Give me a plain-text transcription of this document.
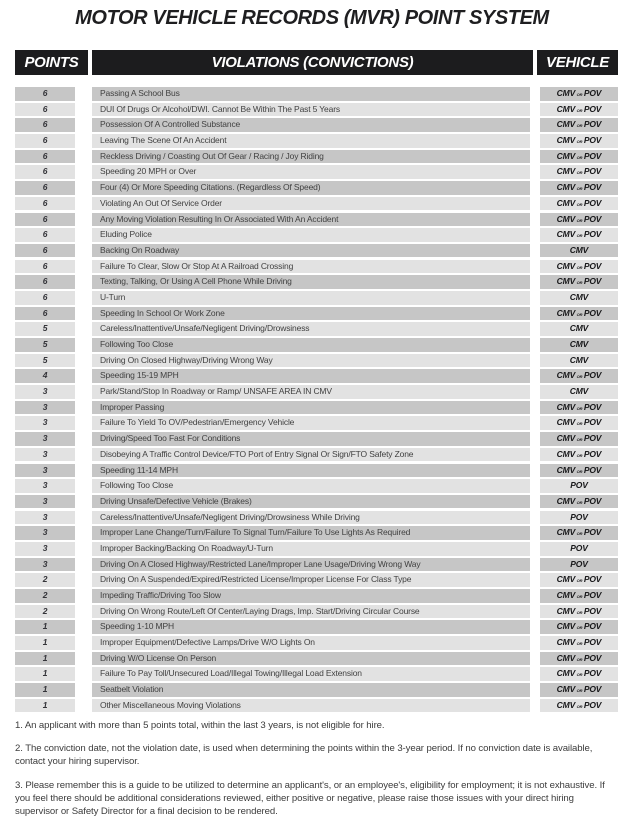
MOTOR VEHICLE RECORDS (MVR) POINT SYSTEM
POINTS	VIOLATIONS (CONVICTIONS)	VEHICLE
6	Passing A School Bus	CMV or POV
6	DUI Of Drugs Or Alcohol/DWI. Cannot Be Within The Past 5 Years	CMV or POV
6	Possession Of A Controlled Substance	CMV or POV
6	Leaving The Scene Of An Accident	CMV or POV
6	Reckless Driving / Coasting Out Of Gear / Racing / Joy Riding	CMV or POV
6	Speeding 20 MPH or Over	CMV or POV
6	Four (4) Or More Speeding Citations. (Regardless Of Speed)	CMV or POV
6	Violating An Out Of Service Order	CMV or POV
6	Any Moving Violation Resulting In Or Associated With An Accident	CMV or POV
6	Eluding Police	CMV or POV
6	Backing On Roadway	CMV
6	Failure To Clear, Slow Or Stop At A Railroad Crossing	CMV or POV
6	Texting, Talking, Or Using A Cell Phone While Driving	CMV or POV
6	U-Turn	CMV
6	Speeding In School Or Work Zone	CMV or POV
5	Careless/Inattentive/Unsafe/Negligent Driving/Drowsiness	CMV
5	Following Too Close	CMV
5	Driving On Closed Highway/Driving Wrong Way	CMV
4	Speeding 15-19 MPH	CMV or POV
3	Park/Stand/Stop In Roadway or Ramp/ UNSAFE AREA IN CMV	CMV
3	Improper Passing	CMV or POV
3	Failure To Yield To OV/Pedestrian/Emergency Vehicle	CMV or POV
3	Driving/Speed Too Fast For Conditions	CMV or POV
3	Disobeying A Traffic Control Device/FTO Port of Entry Signal Or Sign/FTO Safety Zone	CMV or POV
3	Speeding 11-14 MPH	CMV or POV
3	Following Too Close	POV
3	Driving Unsafe/Defective Vehicle (Brakes)	CMV or POV
3	Careless/Inattentive/Unsafe/Negligent Driving/Drowsiness While Driving	POV
3	Improper Lane Change/Turn/Failure To Signal Turn/Failure To Use Lights As Required	CMV or POV
3	Improper Backing/Backing On Roadway/U-Turn	POV
3	Driving On A Closed Highway/Restricted Lane/Improper Lane Usage/Driving Wrong Way	POV
2	Driving On A Suspended/Expired/Restricted License/Improper License For Class Type	CMV or POV
2	Impeding Traffic/Driving Too Slow	CMV or POV
2	Driving On Wrong Route/Left Of Center/Laying Drags, Imp. Start/Driving Circular Course	CMV or POV
1	Speeding 1-10 MPH	CMV or POV
1	Improper Equipment/Defective Lamps/Drive W/O Lights On	CMV or POV
1	Driving W/O License On Person	CMV or POV
1	Failure To Pay Toll/Unsecured Load/Illegal Towing/Illegal Load Extension	CMV or POV
1	Seatbelt Violation	CMV or POV
1	Other Miscellaneous Moving Violations	CMV or POV

1. An applicant with more than 5 points total, within the last 3 years, is not eligible for hire.

2. The conviction date, not the violation date, is used when determining the points within the 3-year period. If no conviction date is available, contact your hiring supervisor.

3. Please remember this is a guide to be utilized to determine an applicant's, or an employee's, eligibility for employment; it is not exhaustive. If you feel there should be additional considerations reviewed, either positive or negative, please raise those issues with your direct hiring supervisor or Safety Director for a final decision to be rendered.
